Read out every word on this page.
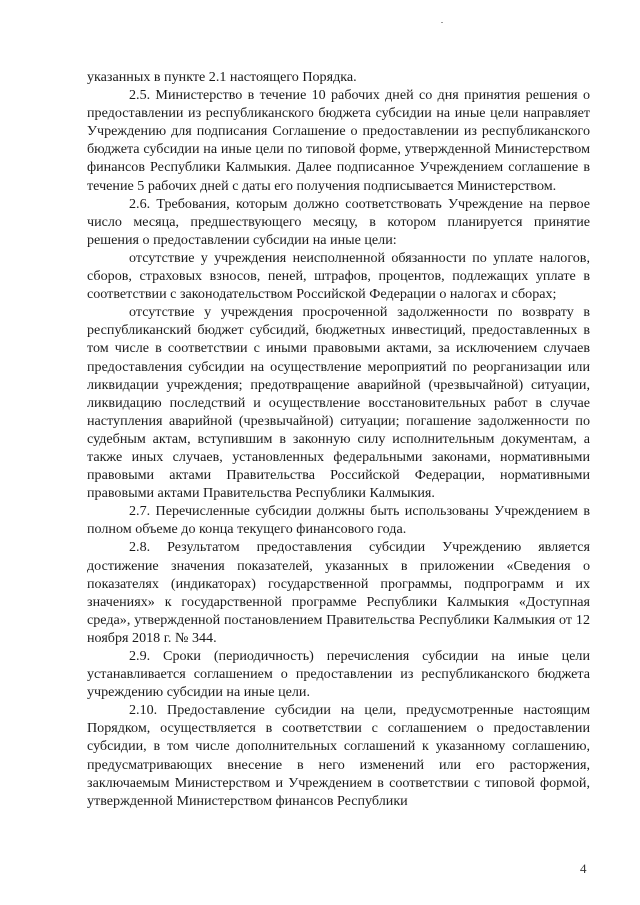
указанных в пункте 2.1 настоящего Порядка.

2.5. Министерство в течение 10 рабочих дней со дня принятия решения о предоставлении из республиканского бюджета субсидии на иные цели направляет Учреждению для подписания Соглашение о предоставлении из республиканского бюджета субсидии на иные цели по типовой форме, утвержденной Министерством финансов Республики Калмыкия. Далее подписанное Учреждением соглашение в течение 5 рабочих дней с даты его получения подписывается Министерством.

2.6. Требования, которым должно соответствовать Учреждение на первое число месяца, предшествующего месяцу, в котором планируется принятие решения о предоставлении субсидии на иные цели:

отсутствие у учреждения неисполненной обязанности по уплате налогов, сборов, страховых взносов, пеней, штрафов, процентов, подлежащих уплате в соответствии с законодательством Российской Федерации о налогах и сборах;

отсутствие у учреждения просроченной задолженности по возврату в республиканский бюджет субсидий, бюджетных инвестиций, предоставленных в том числе в соответствии с иными правовыми актами, за исключением случаев предоставления субсидии на осуществление мероприятий по реорганизации или ликвидации учреждения; предотвращение аварийной (чрезвычайной) ситуации, ликвидацию последствий и осуществление восстановительных работ в случае наступления аварийной (чрезвычайной) ситуации; погашение задолженности по судебным актам, вступившим в законную силу исполнительным документам, а также иных случаев, установленных федеральными законами, нормативными правовыми актами Правительства Российской Федерации, нормативными правовыми актами Правительства Республики Калмыкия.

2.7. Перечисленные субсидии должны быть использованы Учреждением в полном объеме до конца текущего финансового года.

2.8. Результатом предоставления субсидии Учреждению является достижение значения показателей, указанных в приложении «Сведения о показателях (индикаторах) государственной программы, подпрограмм и их значениях» к государственной программе Республики Калмыкия «Доступная среда», утвержденной постановлением Правительства Республики Калмыкия от 12 ноября 2018 г. № 344.

2.9. Сроки (периодичность) перечисления субсидии на иные цели устанавливается соглашением о предоставлении из республиканского бюджета учреждению субсидии на иные цели.

2.10. Предоставление субсидии на цели, предусмотренные настоящим Порядком, осуществляется в соответствии с соглашением о предоставлении субсидии, в том числе дополнительных соглашений к указанному соглашению, предусматривающих внесение в него изменений или его расторжения, заключаемым Министерством и Учреждением в соответствии с типовой формой, утвержденной Министерством финансов Республики

4
